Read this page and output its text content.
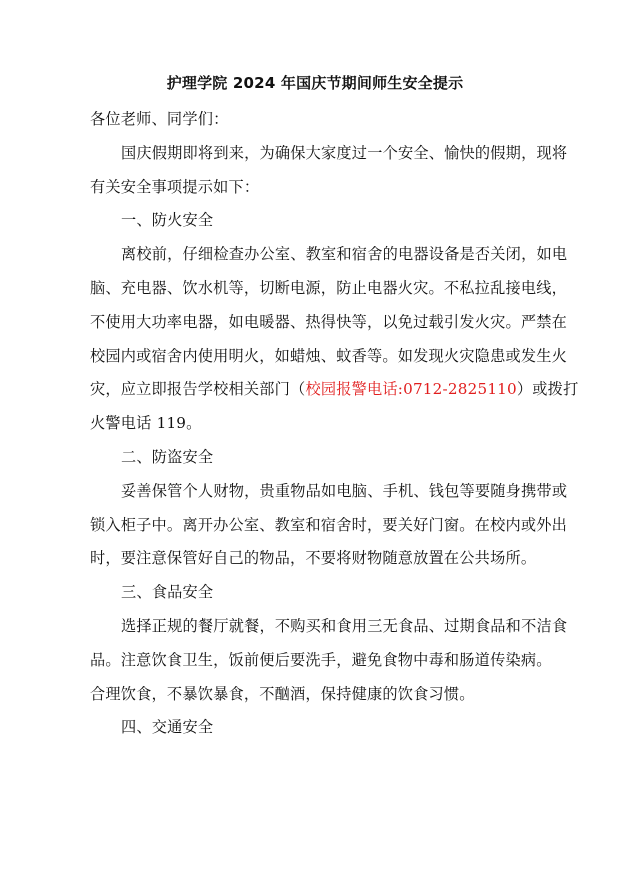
护理学院 2024 年国庆节期间师生安全提示
各位老师、同学们：
国庆假期即将到来，为确保大家度过一个安全、愉快的假期，现将
有关安全事项提示如下：
一、防火安全
离校前，仔细检查办公室、教室和宿舍的电器设备是否关闭，如电
脑、充电器、饮水机等，切断电源，防止电器火灾。不私拉乱接电线，
不使用大功率电器，如电暖器、热得快等，以免过载引发火灾。严禁在
校园内或宿舍内使用明火，如蜡烛、蚊香等。如发现火灾隐患或发生火
灾，应立即报告学校相关部门（校园报警电话:0712-2825110）或拨打
火警电话 119。
二、防盗安全
妥善保管个人财物，贵重物品如电脑、手机、钱包等要随身携带或
锁入柜子中。离开办公室、教室和宿舍时，要关好门窗。在校内或外出
时，要注意保管好自己的物品，不要将财物随意放置在公共场所。
三、食品安全
选择正规的餐厅就餐，不购买和食用三无食品、过期食品和不洁食
品。注意饮食卫生，饭前便后要洗手，避免食物中毒和肠道传染病。
合理饮食，不暴饮暴食，不酗酒，保持健康的饮食习惯。
四、交通安全
